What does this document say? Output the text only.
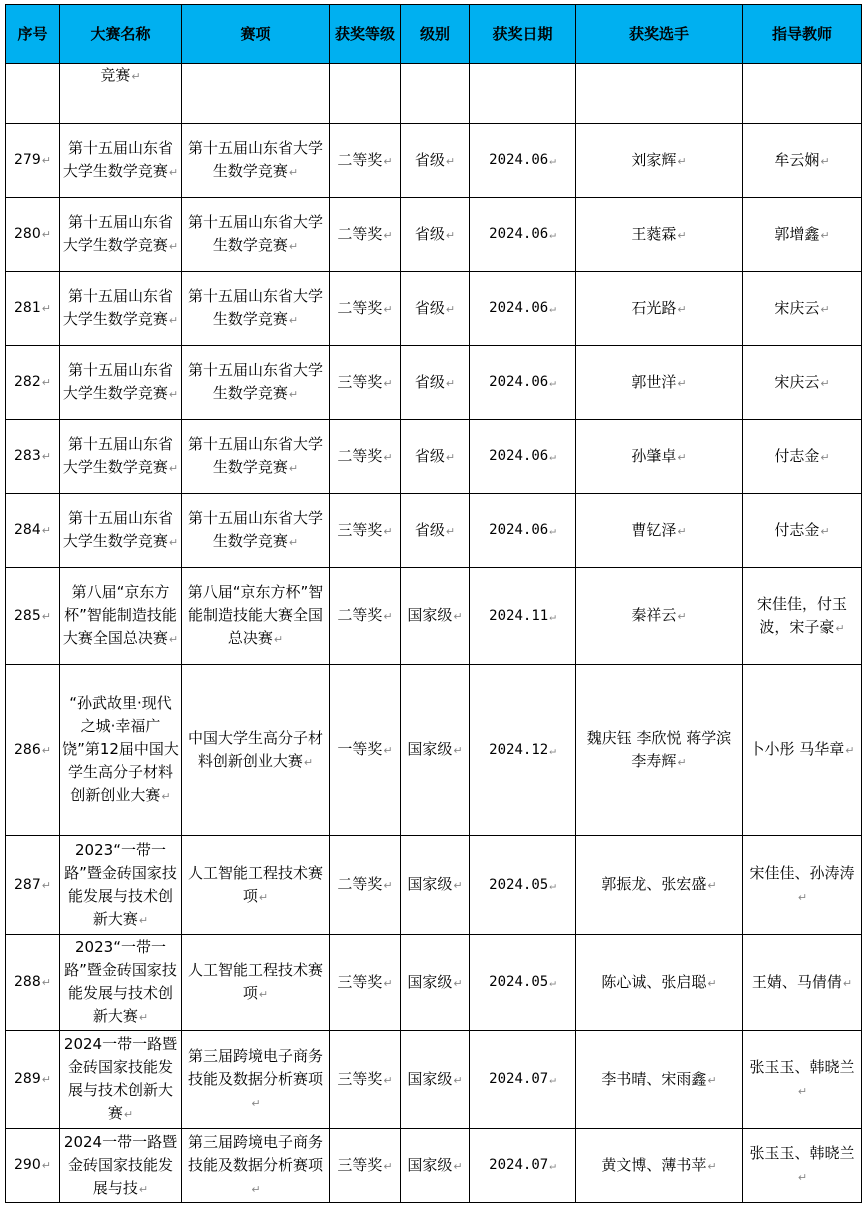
序号	大赛名称	赛项	获奖等级	级别	获奖日期	获奖选手	指导教师
	竞赛↵						
279↵	第十五届山东省大学生数学竞赛↵	第十五届山东省大学生数学竞赛↵	二等奖↵	省级↵	2024.06↵	刘家辉↵	牟云娴↵
280↵	第十五届山东省大学生数学竞赛↵	第十五届山东省大学生数学竞赛↵	二等奖↵	省级↵	2024.06↵	王蕤霖↵	郭增鑫↵
281↵	第十五届山东省大学生数学竞赛↵	第十五届山东省大学生数学竞赛↵	二等奖↵	省级↵	2024.06↵	石光路↵	宋庆云↵
282↵	第十五届山东省大学生数学竞赛↵	第十五届山东省大学生数学竞赛↵	三等奖↵	省级↵	2024.06↵	郭世洋↵	宋庆云↵
283↵	第十五届山东省大学生数学竞赛↵	第十五届山东省大学生数学竞赛↵	二等奖↵	省级↵	2024.06↵	孙肇卓↵	付志金↵
284↵	第十五届山东省大学生数学竞赛↵	第十五届山东省大学生数学竞赛↵	三等奖↵	省级↵	2024.06↵	曹钇泽↵	付志金↵
285↵	第八届“京东方杯”智能制造技能大赛全国总决赛↵	第八届“京东方杯”智能制造技能大赛全国总决赛↵	二等奖↵	国家级↵	2024.11↵	秦祥云↵	宋佳佳，付玉波，宋子豪↵
286↵	“孙武故里·现代之城·幸福广饶”第12届中国大学生高分子材料创新创业大赛↵	中国大学生高分子材料创新创业大赛↵	一等奖↵	国家级↵	2024.12↵	魏庆钰 李欣悦 蒋学滨 李寿辉↵	卜小彤 马华章↵
287↵	2023“一带一路”暨金砖国家技能发展与技术创新大赛↵	人工智能工程技术赛项↵	二等奖↵	国家级↵	2024.05↵	郭振龙、张宏盛↵	宋佳佳、孙涛涛↵
288↵	2023“一带一路”暨金砖国家技能发展与技术创新大赛↵	人工智能工程技术赛项↵	三等奖↵	国家级↵	2024.05↵	陈心诚、张启聪↵	王婧、马倩倩↵
289↵	2024一带一路暨金砖国家技能发展与技术创新大赛↵	第三届跨境电子商务技能及数据分析赛项↵	三等奖↵	国家级↵	2024.07↵	李书晴、宋雨鑫↵	张玉玉、韩晓兰↵
290↵	2024一带一路暨金砖国家技能发展与技↵	第三届跨境电子商务技能及数据分析赛项↵	三等奖↵	国家级↵	2024.07↵	黄文博、薄书苹↵	张玉玉、韩晓兰↵
